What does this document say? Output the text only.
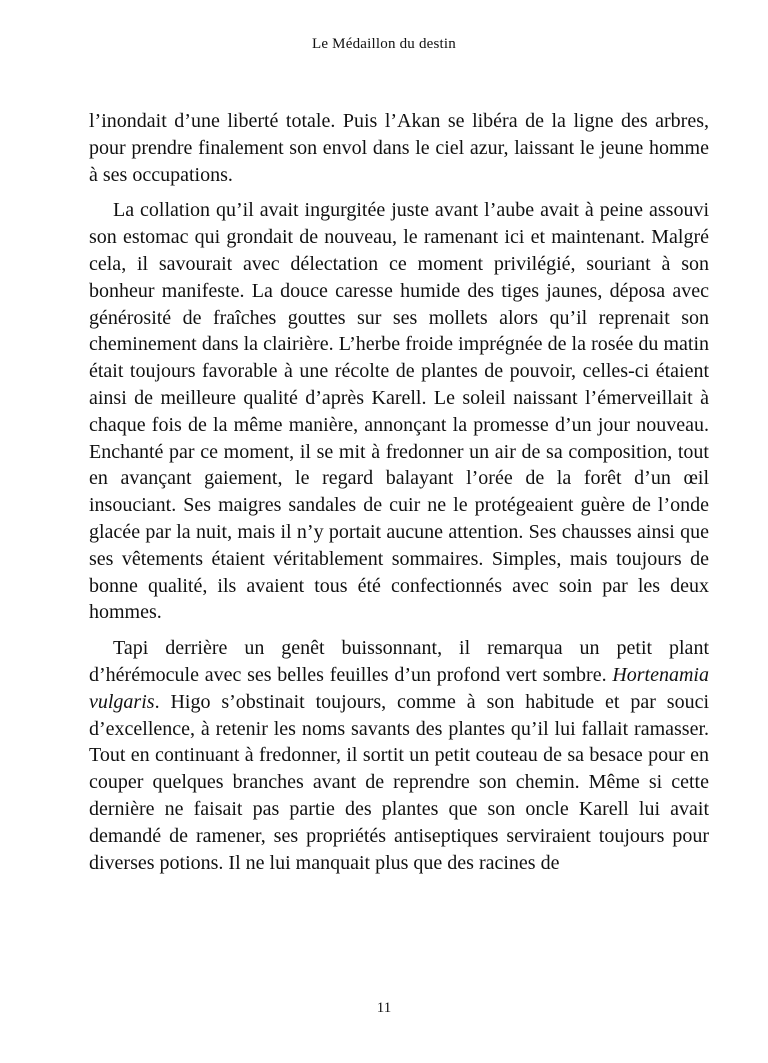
Le Médaillon du destin

l’inondait d’une liberté totale. Puis l’Akan se libéra de la ligne des arbres, pour prendre finalement son envol dans le ciel azur, laissant le jeune homme à ses occupations.

La collation qu’il avait ingurgitée juste avant l’aube avait à peine assouvi son estomac qui grondait de nouveau, le ramenant ici et maintenant. Malgré cela, il savourait avec délectation ce moment privilégié, souriant à son bonheur manifeste. La douce caresse humide des tiges jaunes, déposa avec générosité de fraîches gouttes sur ses mollets alors qu’il reprenait son cheminement dans la clairière. L’herbe froide imprégnée de la rosée du matin était toujours favorable à une récolte de plantes de pouvoir, celles-ci étaient ainsi de meilleure qualité d’après Karell. Le soleil naissant l’émerveillait à chaque fois de la même manière, annonçant la promesse d’un jour nouveau. Enchanté par ce moment, il se mit à fredonner un air de sa composition, tout en avançant gaiement, le regard balayant l’orée de la forêt d’un œil insouciant. Ses maigres sandales de cuir ne le protégeaient guère de l’onde glacée par la nuit, mais il n’y portait aucune attention. Ses chausses ainsi que ses vêtements étaient véritablement sommaires. Simples, mais toujours de bonne qualité, ils avaient tous été confectionnés avec soin par les deux hommes.

Tapi derrière un genêt buissonnant, il remarqua un petit plant d’hérémocule avec ses belles feuilles d’un profond vert sombre. Hortenamia vulgaris. Higo s’obstinait toujours, comme à son habitude et par souci d’excellence, à retenir les noms savants des plantes qu’il lui fallait ramasser. Tout en continuant à fredonner, il sortit un petit couteau de sa besace pour en couper quelques branches avant de reprendre son chemin. Même si cette dernière ne faisait pas partie des plantes que son oncle Karell lui avait demandé de ramener, ses propriétés antiseptiques serviraient toujours pour diverses potions. Il ne lui manquait plus que des racines de

11
